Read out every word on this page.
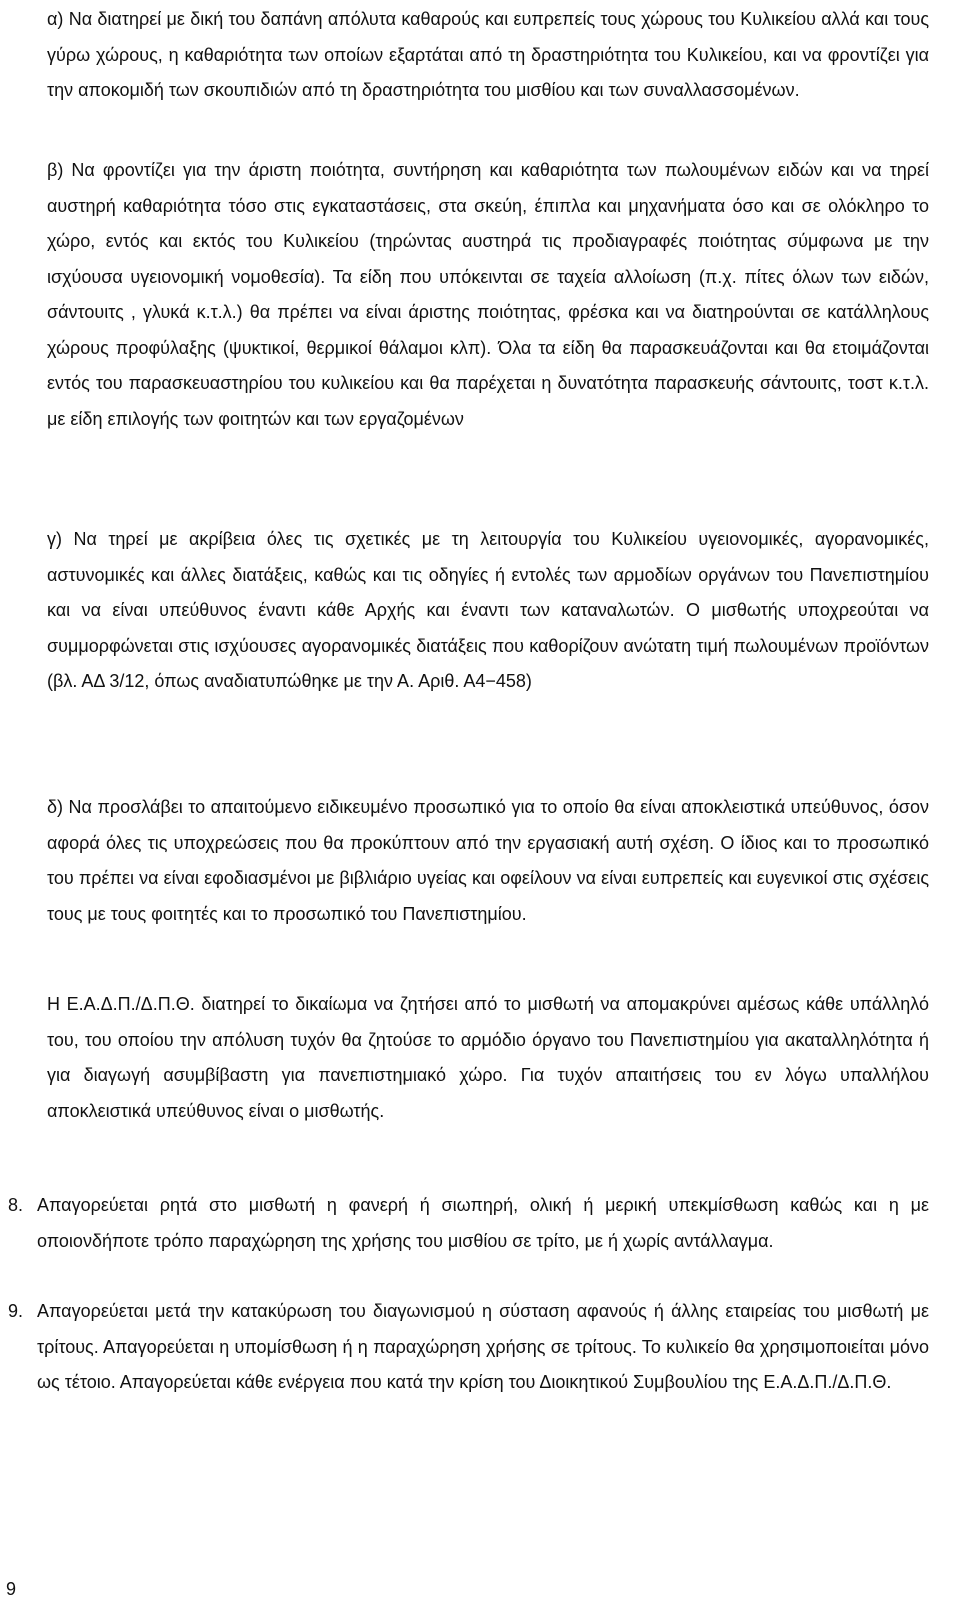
α) Να διατηρεί με δική του δαπάνη απόλυτα καθαρούς και ευπρεπείς τους χώρους του Κυλικείου αλλά και τους γύρω χώρους, η καθαριότητα των οποίων εξαρτάται από τη δραστηριότητα του Κυλικείου, και να φροντίζει για την αποκομιδή των σκουπιδιών από τη δραστηριότητα του μισθίου και των συναλλασσομένων.

β) Να φροντίζει για την άριστη ποιότητα, συντήρηση και καθαριότητα των πωλουμένων ειδών και να τηρεί αυστηρή καθαριότητα τόσο στις εγκαταστάσεις, στα σκεύη, έπιπλα και μηχανήματα όσο και σε ολόκληρο το χώρο, εντός και εκτός του Κυλικείου (τηρώντας αυστηρά τις προδιαγραφές ποιότητας σύμφωνα με την ισχύουσα υγειονομική νομοθεσία). Τα είδη που υπόκεινται σε ταχεία αλλοίωση (π.χ. πίτες όλων των ειδών, σάντουιτς , γλυκά κ.τ.λ.) θα πρέπει να είναι άριστης ποιότητας, φρέσκα και να διατηρούνται σε κατάλληλους χώρους προφύλαξης (ψυκτικοί, θερμικοί θάλαμοι κλπ). Όλα τα είδη θα παρασκευάζονται και θα ετοιμάζονται εντός του παρασκευαστηρίου του κυλικείου και θα παρέχεται η δυνατότητα παρασκευής σάντουιτς, τοστ κ.τ.λ. με είδη επιλογής των φοιτητών και των εργαζομένων

γ) Να τηρεί με ακρίβεια όλες τις σχετικές με τη λειτουργία του Κυλικείου υγειονομικές, αγορανομικές, αστυνομικές και άλλες διατάξεις, καθώς και τις οδηγίες ή εντολές των αρμοδίων οργάνων του Πανεπιστημίου και να είναι υπεύθυνος έναντι κάθε Αρχής και έναντι των καταναλωτών. Ο μισθωτής υποχρεούται να συμμορφώνεται στις ισχύουσες αγορανομικές διατάξεις που καθορίζουν ανώτατη τιμή πωλουμένων προϊόντων (βλ. ΑΔ 3/12, όπως αναδιατυπώθηκε με την Α. Αριθ. Α4−458)

δ) Να προσλάβει το απαιτούμενο ειδικευμένο προσωπικό για το οποίο θα είναι αποκλειστικά υπεύθυνος, όσον αφορά όλες τις υποχρεώσεις που θα προκύπτουν από την εργασιακή αυτή σχέση. Ο ίδιος και το προσωπικό του πρέπει να είναι εφοδιασμένοι με βιβλιάριο υγείας και οφείλουν να είναι ευπρεπείς και ευγενικοί στις σχέσεις τους με τους φοιτητές και το προσωπικό του Πανεπιστημίου.

Η Ε.Α.Δ.Π./Δ.Π.Θ. διατηρεί το δικαίωμα να ζητήσει από το μισθωτή να απομακρύνει αμέσως κάθε υπάλληλό του, του οποίου την απόλυση τυχόν θα ζητούσε το αρμόδιο όργανο του Πανεπιστημίου για ακαταλληλότητα ή για διαγωγή ασυμβίβαστη για πανεπιστημιακό χώρο. Για τυχόν απαιτήσεις του εν λόγω υπαλλήλου αποκλειστικά υπεύθυνος είναι ο μισθωτής.

8. Απαγορεύεται ρητά στο μισθωτή η φανερή ή σιωπηρή, ολική ή μερική υπεκμίσθωση καθώς και η με οποιονδήποτε τρόπο παραχώρηση της χρήσης του μισθίου σε τρίτο, με ή χωρίς αντάλλαγμα.

9. Απαγορεύεται μετά την κατακύρωση του διαγωνισμού η σύσταση αφανούς ή άλλης εταιρείας του μισθωτή με τρίτους. Απαγορεύεται η υπομίσθωση ή η παραχώρηση χρήσης σε τρίτους. Το κυλικείο θα χρησιμοποιείται μόνο ως τέτοιο. Απαγορεύεται κάθε ενέργεια που κατά την κρίση του Διοικητικού Συμβουλίου της Ε.Α.Δ.Π./Δ.Π.Θ.

9
